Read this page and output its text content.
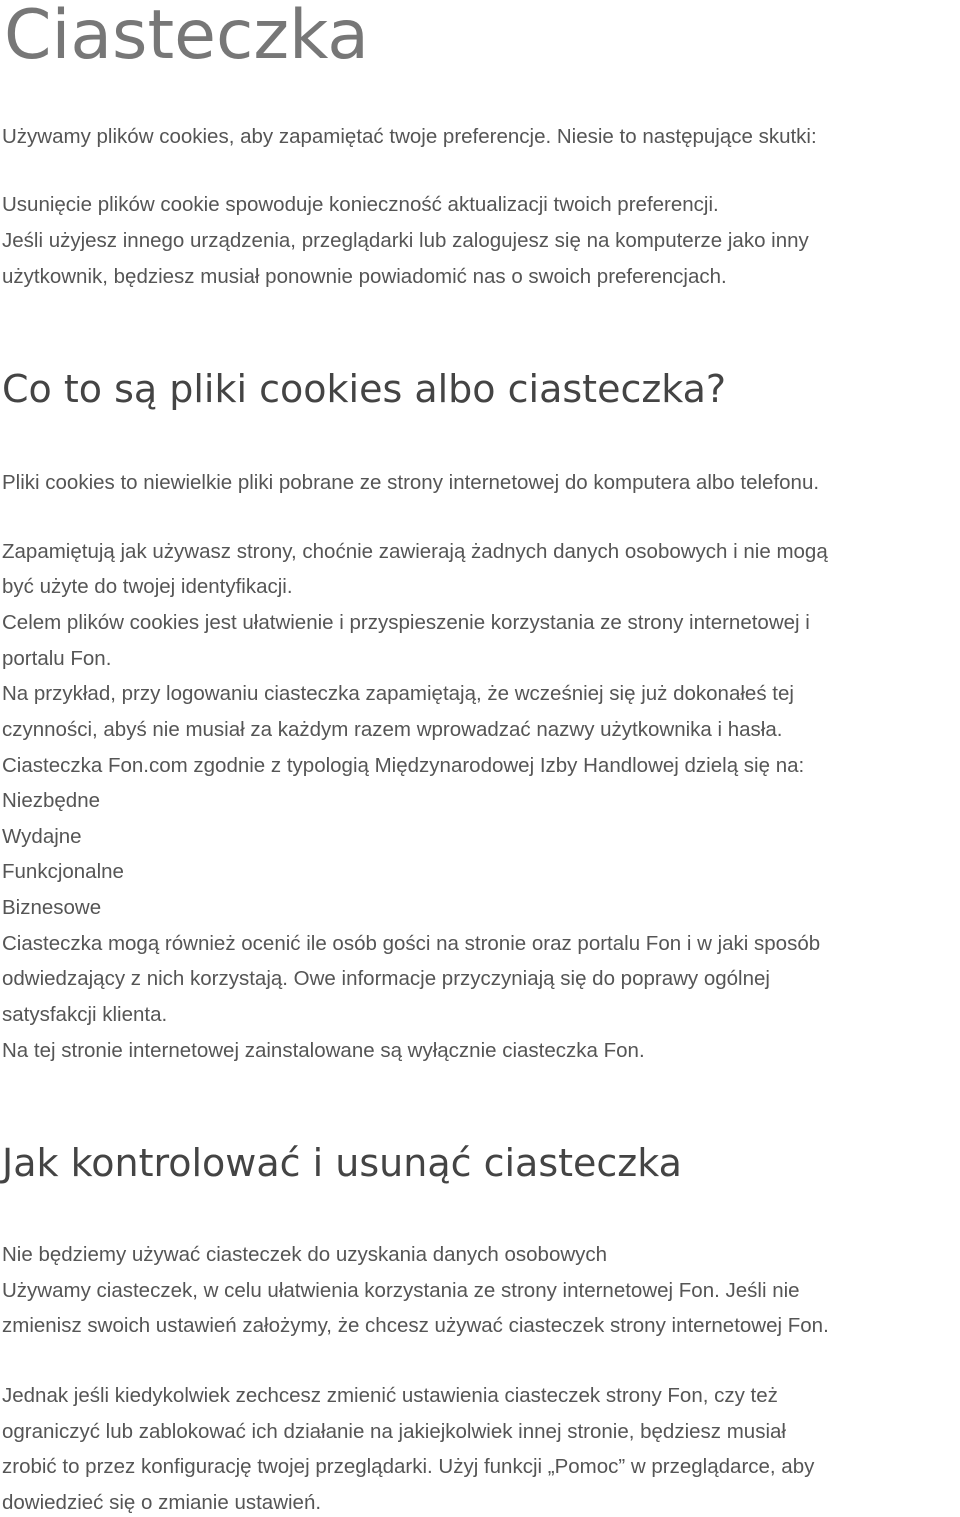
Ciasteczka

Używamy plików cookies, aby zapamiętać twoje preferencje. Niesie to następujące skutki:

Usunięcie plików cookie spowoduje konieczność aktualizacji twoich preferencji.

Jeśli użyjesz innego urządzenia, przeglądarki lub zalogujesz się na komputerze jako inny

użytkownik, będziesz musiał ponownie powiadomić nas o swoich preferencjach.

Co to są pliki cookies albo ciasteczka?

Pliki cookies to niewielkie pliki pobrane ze strony internetowej do komputera albo telefonu.

Zapamiętują jak używasz strony, choćnie zawierają żadnych danych osobowych i nie mogą

być użyte do twojej identyfikacji.

Celem plików cookies jest ułatwienie i przyspieszenie korzystania ze strony internetowej i

portalu Fon.

Na przykład, przy logowaniu ciasteczka zapamiętają, że wcześniej się już dokonałeś tej

czynności, abyś nie musiał za każdym razem wprowadzać nazwy użytkownika i hasła.

Ciasteczka Fon.com zgodnie z typologią Międzynarodowej Izby Handlowej dzielą się na:

Niezbędne

Wydajne

Funkcjonalne

Biznesowe

Ciasteczka mogą również ocenić ile osób gości na stronie oraz portalu Fon i w jaki sposób

odwiedzający z nich korzystają. Owe informacje przyczyniają się do poprawy ogólnej

satysfakcji klienta.

Na tej stronie internetowej zainstalowane są wyłącznie ciasteczka Fon.

Jak kontrolować i usunąć ciasteczka

Nie będziemy używać ciasteczek do uzyskania danych osobowych

Używamy ciasteczek, w celu ułatwienia korzystania ze strony internetowej Fon. Jeśli nie

zmienisz swoich ustawień założymy, że chcesz używać ciasteczek strony internetowej Fon.

Jednak jeśli kiedykolwiek zechcesz zmienić ustawienia ciasteczek strony Fon, czy też

ograniczyć lub zablokować ich działanie na jakiejkolwiek innej stronie, będziesz musiał

zrobić to przez konfigurację twojej przeglądarki. Użyj funkcji „Pomoc” w przeglądarce, aby

dowiedzieć się o zmianie ustawień.
